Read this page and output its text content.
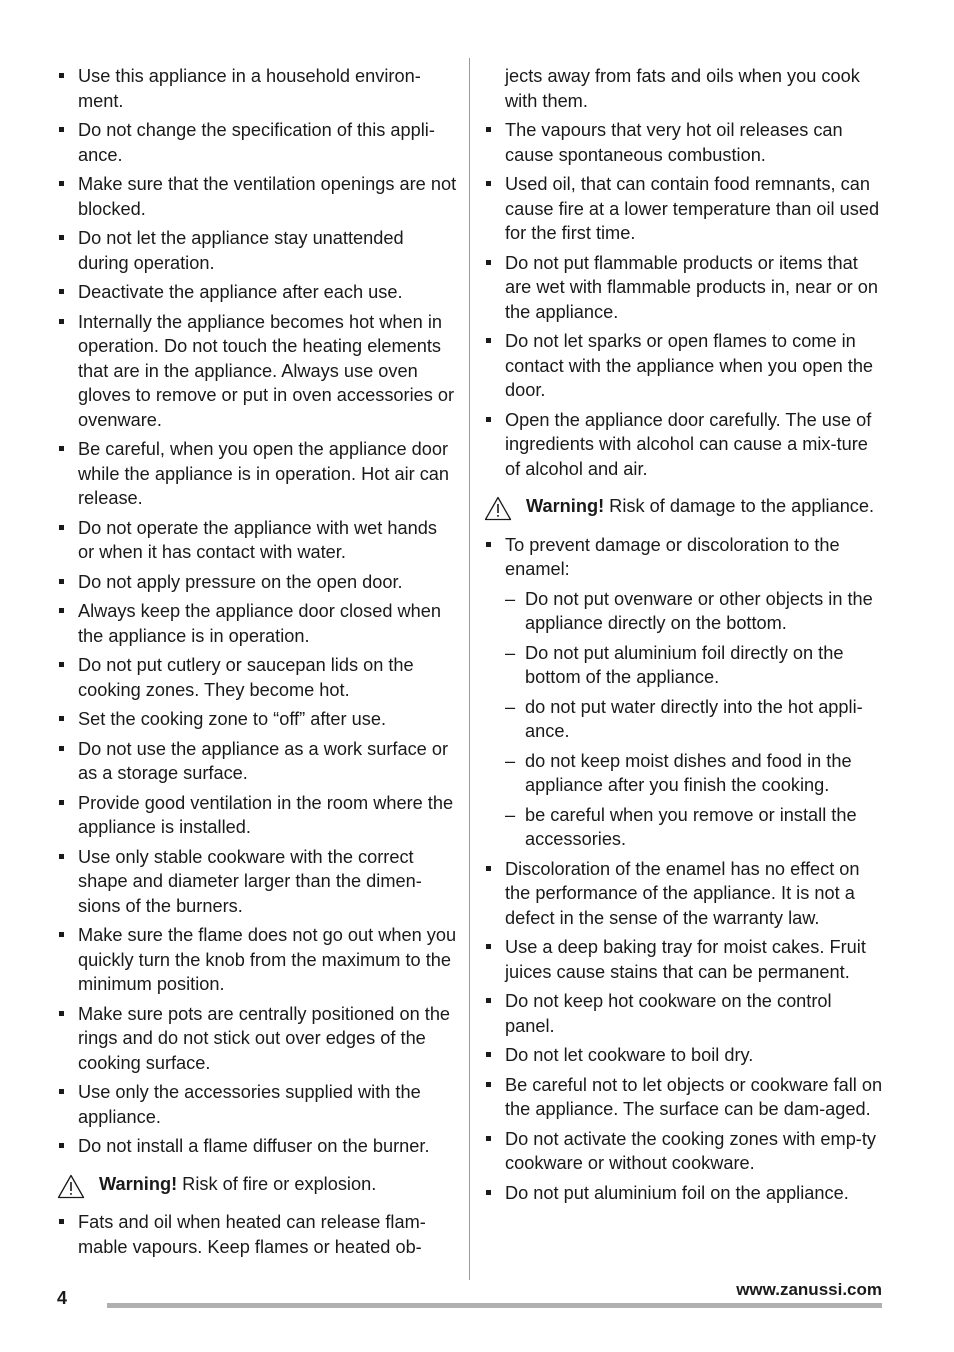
Use this appliance in a household environ-ment.
Do not change the specification of this appli-ance.
Make sure that the ventilation openings are not blocked.
Do not let the appliance stay unattended during operation.
Deactivate the appliance after each use.
Internally the appliance becomes hot when in operation. Do not touch the heating elements that are in the appliance. Always use oven gloves to remove or put in oven accessories or ovenware.
Be careful, when you open the appliance door while the appliance is in operation. Hot air can release.
Do not operate the appliance with wet hands or when it has contact with water.
Do not apply pressure on the open door.
Always keep the appliance door closed when the appliance is in operation.
Do not put cutlery or saucepan lids on the cooking zones. They become hot.
Set the cooking zone to “off” after use.
Do not use the appliance as a work surface or as a storage surface.
Provide good ventilation in the room where the appliance is installed.
Use only stable cookware with the correct shape and diameter larger than the dimen-sions of the burners.
Make sure the flame does not go out when you quickly turn the knob from the maximum to the minimum position.
Make sure pots are centrally positioned on the rings and do not stick out over edges of the cooking surface.
Use only the accessories supplied with the appliance.
Do not install a flame diffuser on the burner.
Warning! Risk of fire or explosion.
Fats and oil when heated can release flam-mable vapours. Keep flames or heated ob-
jects away from fats and oils when you cook with them.
The vapours that very hot oil releases can cause spontaneous combustion.
Used oil, that can contain food remnants, can cause fire at a lower temperature than oil used for the first time.
Do not put flammable products or items that are wet with flammable products in, near or on the appliance.
Do not let sparks or open flames to come in contact with the appliance when you open the door.
Open the appliance door carefully. The use of ingredients with alcohol can cause a mix-ture of alcohol and air.
Warning! Risk of damage to the appliance.
To prevent damage or discoloration to the enamel:
– Do not put ovenware or other objects in the appliance directly on the bottom.
– Do not put aluminium foil directly on the bottom of the appliance.
– do not put water directly into the hot appli-ance.
– do not keep moist dishes and food in the appliance after you finish the cooking.
– be careful when you remove or install the accessories.
Discoloration of the enamel has no effect on the performance of the appliance. It is not a defect in the sense of the warranty law.
Use a deep baking tray for moist cakes. Fruit juices cause stains that can be permanent.
Do not keep hot cookware on the control panel.
Do not let cookware to boil dry.
Be careful not to let objects or cookware fall on the appliance. The surface can be dam-aged.
Do not activate the cooking zones with emp-ty cookware or without cookware.
Do not put aluminium foil on the appliance.
4	www.zanussi.com
